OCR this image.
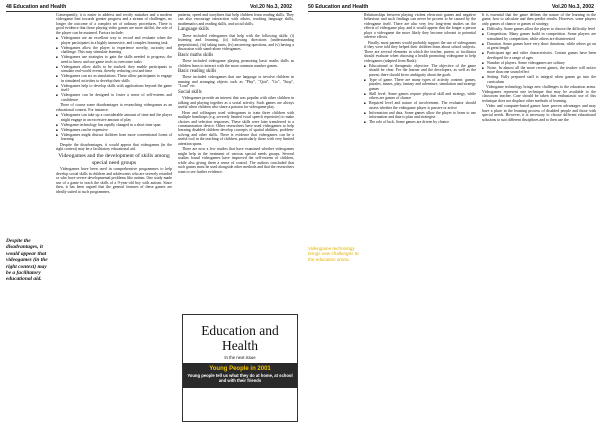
48 Education and Health	Vol.20 No.3, 2002
Despite the disadvantages, it would appear that videogames (in the right context) may be a facilitatory educational aid.

Consequently, it is easier to address and rectify mistakes and a modern videogame hint towards greater progress and a stream of challenges, no longer the outcome of a complex set of ordinary procedures. There is good evidence that those playing video games are more skilful, the role of the player can be assumed. Factors include:

■ Videogames are an excellent way to record and evaluate when the player participates in a highly immersive, and complex learning task
■ Videogames allow the player to experience novelty, curiosity and challenge. This may stimulate learning
■ Videogames use strategies to gain the skills needed to progress; the need to know and use game tools to overcome tasks
■ Videogames allow skills to be tracked; they enable participants to simulate real-world events, thereby reducing cost and time
■ Videogames can act as simulations. These allow participants to engage in simulated activities to develop their skills
■ Videogames help to develop skills with applications beyond the game itself
■ Videogames can be designed to foster a sense of self-esteem and confidence

There of course some disadvantages to researching videogames as an educational context. For instance:

■ Videogames can take up a considerable amount of time and the player might engage in an excessive amount of play
■ Videogame technology has rapidly changed in a short time span
■ Videogames can be expensive
■ Videogames might distract children from more conventional forms of learning

Despite the disadvantages, it would appear that videogames (in the right context) may be a facilitatory educational aid.

Videogames and the development of skills among special need groups

Videogames have been used in comprehensive programmes to help develop social skills in children and adolescents who are severely retarded or who have severe developmental problems like autism. One study made use of a game to teach the skills of a 9-year-old boy with autism. Since then, it has been argued that the general features of these games are ideally suited to such programmes.

patterns, speed and storylines that help children learn reading skills. They can also encourage interaction with others, teaching language skills, mathematics and reading skills, and social skills.

Language skills

These included videogames that help with the following skills: (i) listening and learning, (ii) following directions (understanding prepositions), (iii) taking turns, (iv) answering questions, and (v) having a discussion with stand-alone videogames.

Basic maths skills

These included videogame playing promoting basic maths skills as children learn to interact with the more common number games.

Basic reading skills

These included videogames that use language or involve children in naming and arranging objects such as "Play", "Quit", "Go", "Stop", "Load" etc.

Social skills

Videogames provide an interest that was popular with other children in talking and playing together as a social activity. Such games are always useful when children who share a passion for videogame play.

Horn and colleagues used videogames to train three children with multiple handicaps (e.g. severely limited vocal speech repertoire) to make choices and selection responses. These skills were later transferred to a communication device. Other researchers have used videogames to help learning disabled children develop concepts of spatial abilities, problem-solving and other skills. There is evidence that videogames can be a useful tool in the teaching of children, particularly those with very limited attention spans.

There are now a few studies that have examined whether videogames might help in the treatment of various special needs groups. Several studies found videogames have improved the self-esteem of children, while also giving them a sense of control. The authors concluded that such games must be used alongside other methods and that the researchers want to see further evidence.

50 Education and Health	Vol.20 No.3, 2002
Videogame technology brings new challenges to the education arena.

Relationships between playing violent electronic games and negative behaviour and such findings can never be proven to be caused by the videogame itself. There are also very few long-term studies on the effects of videogame play, and it would appear that the longer a person plays a videogame the more likely they become tolerant to potential adverse effects.

Finally, most parents would probably support the use of videogames if they were told they helped their children learn about school subjects. There are several elements in which the teacher, parent, or facilitator should evaluate when choosing a health promoting videogame to help videogames (adapted from Rusk):

■ Educational or therapeutic objective. The objective of the game should be clear. For the learner and the developers, as well as the parent, there should be no ambiguity about the goals
■ Type of game. There are many types of activity content: games, puzzles, mazes, play, fantasy and adventure, simulation and strategy games
■ Skill level. Some games require physical skill and strategy, while others are games of chance
■ Required level and nature of involvement. The evaluator should assess whether the videogame player is passive or active
■ Information and data. Some games allow the player to learn to use information and data to plan and strategise
■ The role of luck. Some games are driven by chance

It is essential that the game defines the nature of the learning in the game, how to calculate and then predict results. However, some players only games of chance or games of strategy.

■ Difficulty. Some games allow the player to choose the difficulty level
■ Competition. Many games build in competition. Some players are stimulated by competition, while others are disinterested
■ Duration. Some games have very short durations, while others go on at great length
■ Participant age and other characteristics. Certain games have been developed for a range of ages
■ Number of players. Some videogames are solitary
■ Noise. In almost all the more recent games, the teacher will notice more than one sound effect
■ Setting. Fully prepared staff is integral when games go into the curriculum

Videogame technology brings new challenges to the education arena. Videogames represent one technique that may be available to the classroom teacher. Care should be taken that enthusiastic use of this technique does not displace other methods of learning.

Video and computer-based games have proven advantages and may have a place in the learning process of disabled people and those with special needs. However, it is necessary to choose different educational solutions to suit different disciplines and to then use the

Education and Health
In the next issue
Young People in 2001
Young people tell us what they do at home, at school and with their friends
